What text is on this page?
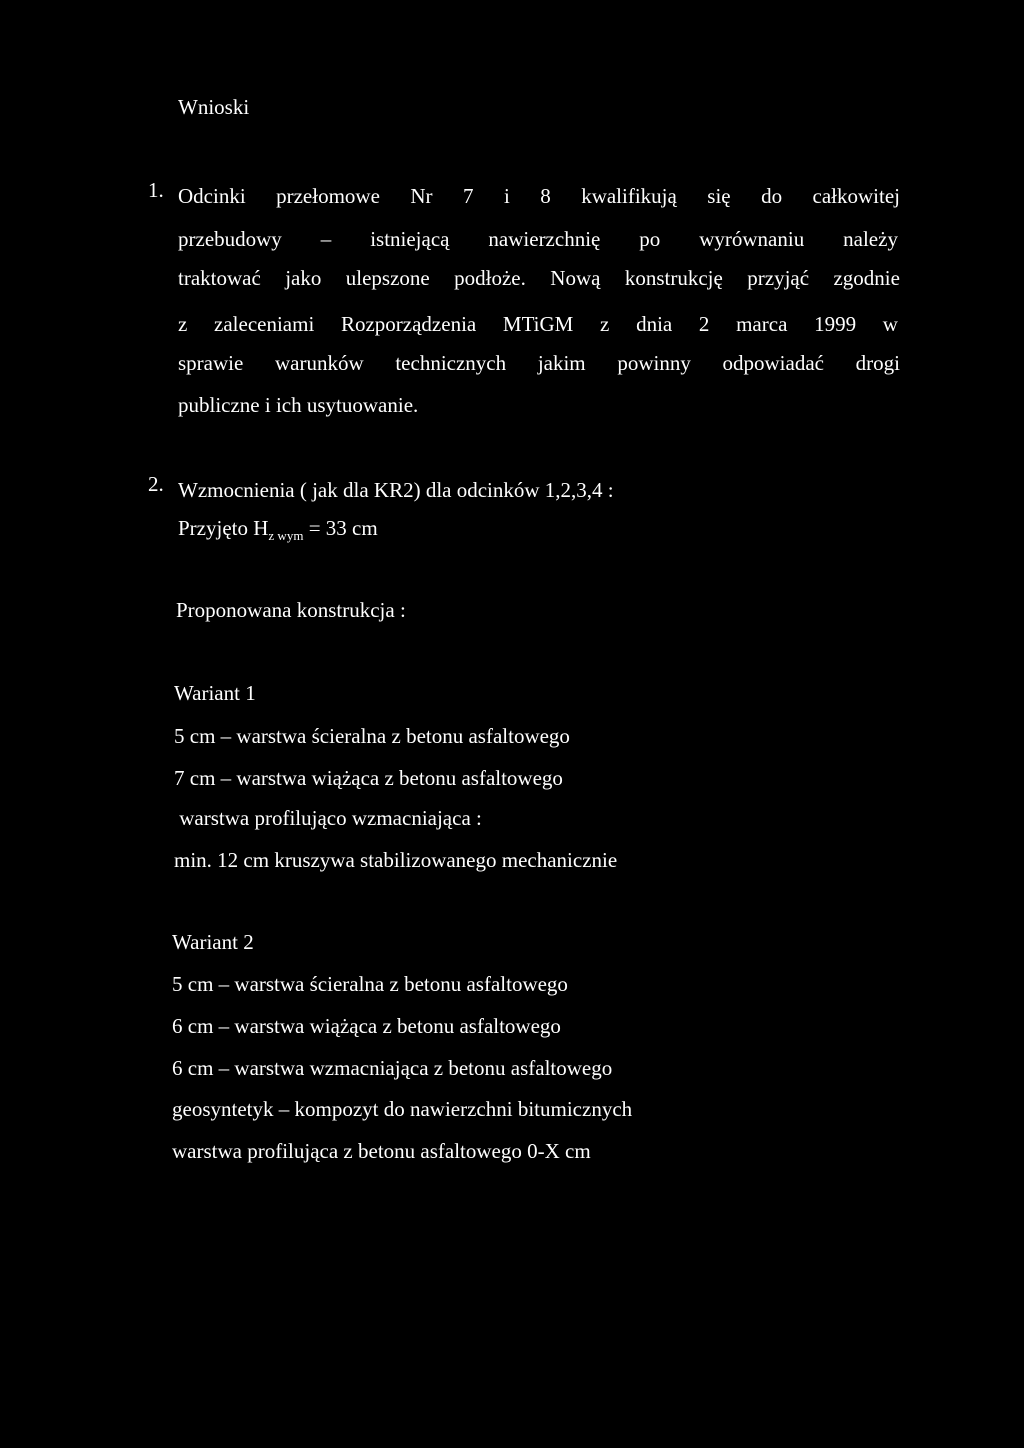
Wnioski
1. Odcinki przełomowe Nr 7 i 8 kwalifikują się do całkowitej
przebudowy – istniejącą nawierzchnię po wyrównaniu należy
traktować jako ulepszone podłoże. Nową konstrukcję przyjąć zgodnie
z zaleceniami Rozporządzenia MTiGM z dnia 2 marca 1999 w
sprawie warunków technicznych jakim powinny odpowiadać drogi
publiczne i ich usytuowanie.
2. Wzmocnienia ( jak dla KR2) dla odcinków 1,2,3,4 :
Przyjęto $H_{z wym} = 33$ cm
Proponowana konstrukcja :
Wariant 1
5 cm – warstwa ścieralna z betonu asfaltowego
7 cm – warstwa wiążąca z betonu asfaltowego
warstwa profilująco wzmacniająca :
min. 12 cm kruszywa stabilizowanego mechanicznie
Wariant 2
5 cm – warstwa ścieralna z betonu asfaltowego
6 cm – warstwa wiążąca z betonu asfaltowego
6 cm – warstwa wzmacniająca z betonu asfaltowego
geosyntetyk – kompozyt do nawierzchni bitumicznych
warstwa profilująca z betonu asfaltowego 0-X cm
